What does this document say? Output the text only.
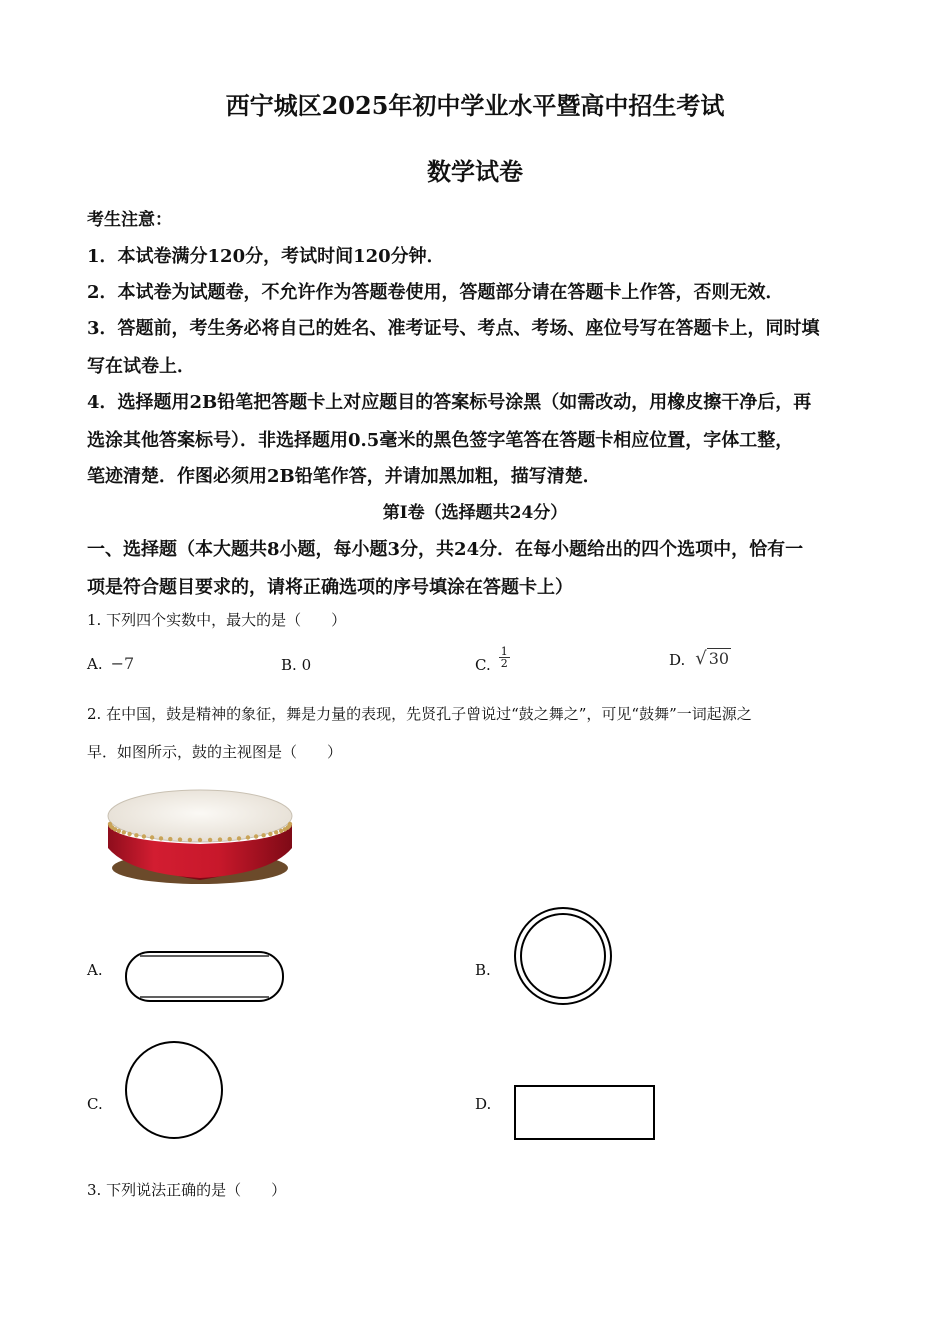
西宁城区2025年初中学业水平暨高中招生考试
数学试卷
考生注意：
1．本试卷满分120分，考试时间120分钟．
2．本试卷为试题卷，不允许作为答题卷使用，答题部分请在答题卡上作答，否则无效．
3．答题前，考生务必将自己的姓名、准考证号、考点、考场、座位号写在答题卡上，同时填
写在试卷上．
4．选择题用2B铅笔把答题卡上对应题目的答案标号涂黑（如需改动，用橡皮擦干净后，再
选涂其他答案标号）．非选择题用0.5毫米的黑色签字笔答在答题卡相应位置，字体工整，
笔迹清楚．作图必须用2B铅笔作答，并请加黑加粗，描写清楚．
第I卷（选择题共24分）
一、选择题（本大题共8小题，每小题3分，共24分．在每小题给出的四个选项中，恰有一
项是符合题目要求的，请将正确选项的序号填涂在答题卡上）
1. 下列四个实数中，最大的是（　　）
A. −7	B. 0	C. $\frac{1}{2}$	D. √ 30
2. 在中国，鼓是精神的象征，舞是力量的表现，先贤孔子曾说过“鼓之舞之”，可见“鼓舞”一词起源之
早．如图所示，鼓的主视图是（　　）
A.	B.
C.	D.
3. 下列说法正确的是（　　）
